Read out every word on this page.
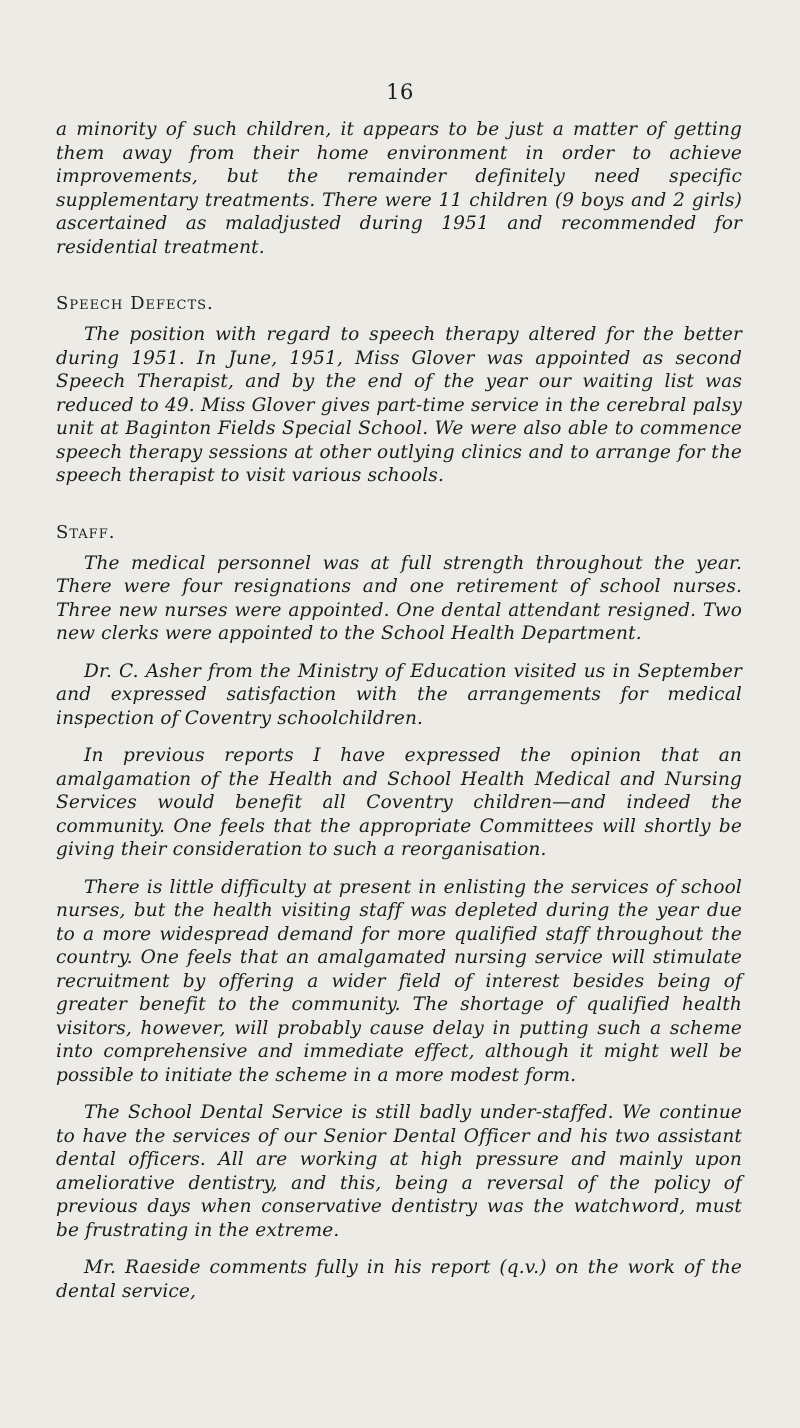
16

a minority of such children, it appears to be just a matter of getting them away from their home environment in order to achieve improvements, but the remainder definitely need specific supplementary treatments. There were 11 children (9 boys and 2 girls) ascertained as maladjusted during 1951 and recommended for residential treatment.

Speech Defects.

The position with regard to speech therapy altered for the better during 1951. In June, 1951, Miss Glover was appointed as second Speech Therapist, and by the end of the year our waiting list was reduced to 49. Miss Glover gives part-time service in the cerebral palsy unit at Baginton Fields Special School. We were also able to commence speech therapy sessions at other outlying clinics and to arrange for the speech therapist to visit various schools.

Staff.

The medical personnel was at full strength throughout the year. There were four resignations and one retirement of school nurses. Three new nurses were appointed. One dental attendant resigned. Two new clerks were appointed to the School Health Department.

Dr. C. Asher from the Ministry of Education visited us in September and expressed satisfaction with the arrangements for medical inspection of Coventry schoolchildren.

In previous reports I have expressed the opinion that an amalgamation of the Health and School Health Medical and Nursing Services would benefit all Coventry children—and indeed the community. One feels that the appropriate Committees will shortly be giving their consideration to such a reorganisation.

There is little difficulty at present in enlisting the services of school nurses, but the health visiting staff was depleted during the year due to a more widespread demand for more qualified staff throughout the country. One feels that an amalgamated nursing service will stimulate recruitment by offering a wider field of interest besides being of greater benefit to the community. The shortage of qualified health visitors, however, will probably cause delay in putting such a scheme into comprehensive and immediate effect, although it might well be possible to initiate the scheme in a more modest form.

The School Dental Service is still badly under-staffed. We continue to have the services of our Senior Dental Officer and his two assistant dental officers. All are working at high pressure and mainly upon ameliorative dentistry, and this, being a reversal of the policy of previous days when conservative dentistry was the watchword, must be frustrating in the extreme.

Mr. Raeside comments fully in his report (q.v.) on the work of the dental service,
